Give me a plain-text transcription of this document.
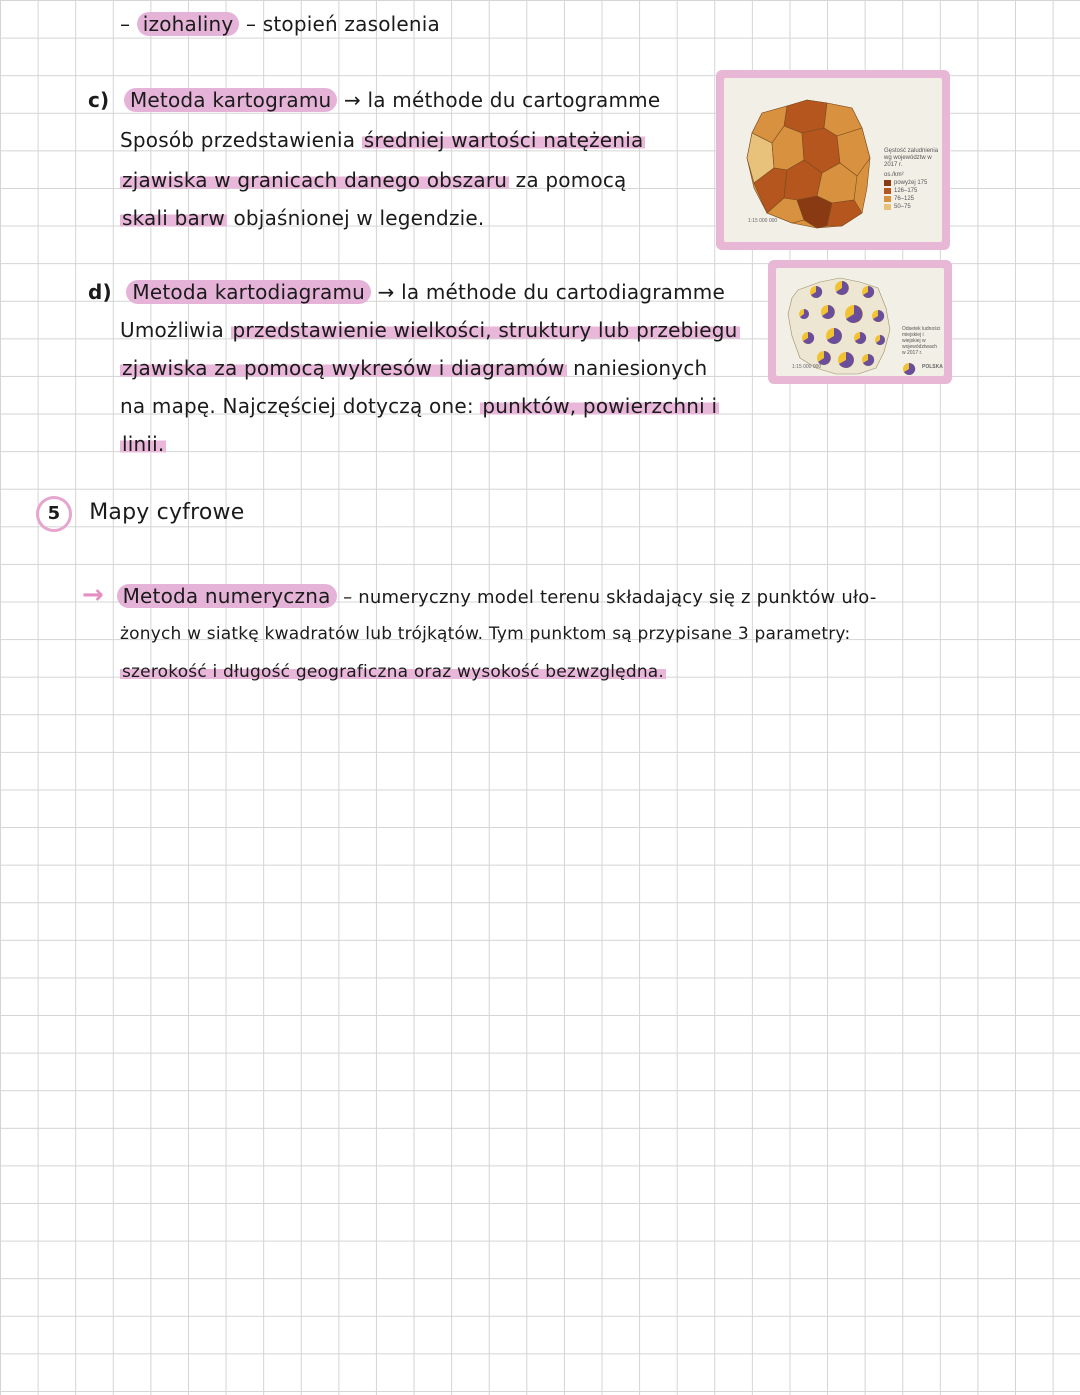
– izohaliny – stopień zasolenia
c) Metoda kartogramu → la méthode du cartogramme
Sposób przedstawienia średniej wartości natężenia
zjawiska w granicach danego obszaru za pomocą
skali barw objaśnionej w legendzie.	1:15 000 000
Gęstość zaludnienia wg województw w 2017 r.
os./km²
powyżej 175
126–175
76–125
50–75
d) Metoda kartodiagramu → la méthode du cartodiagramme
Umożliwia przedstawienie wielkości, struktury lub przebiegu
zjawiska za pomocą wykresów i diagramów naniesionych
na mapę. Najczęściej dotyczą one: punktów, powierzchni i
linii.
1:15 000 000
Odsetek ludności miejskiej i wiejskiej w województwach w 2017 r.
POLSKA
5 Mapy cyfrowe
→ Metoda numeryczna – numeryczny model terenu składający się z punktów uło-
żonych w siatkę kwadratów lub trójkątów. Tym punktom są przypisane 3 parametry:
szerokość i długość geograficzna oraz wysokość bezwzględna.
